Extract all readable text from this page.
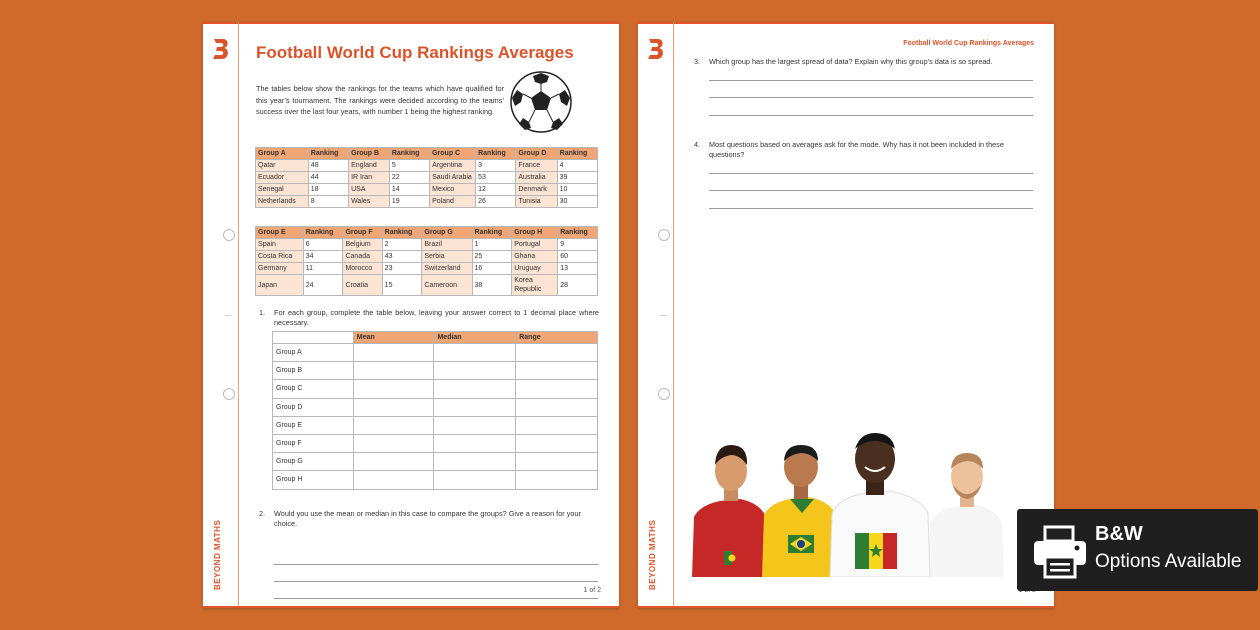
BEYOND MATHS
Football World Cup Rankings Averages
The tables below show the rankings for the teams which have qualified for this year’s tournament. The rankings were decided according to the teams’ success over the last four years, with number 1 being the highest ranking.
Group A	Ranking	Group B	Ranking	Group C	Ranking	Group D	Ranking
Qatar	48	England	5	Argentina	3	France	4
Ecuador	44	IR Iran	22	Saudi Arabia	53	Australia	39
Senegal	18	USA	14	Mexico	12	Denmark	10
Netherlands	8	Wales	19	Poland	26	Tunisia	30
Group E	Ranking	Group F	Ranking	Group G	Ranking	Group H	Ranking
Spain	6	Belgium	2	Brazil	1	Portugal	9
Costa Rica	34	Canada	43	Serbia	25	Ghana	60
Germany	11	Morocco	23	Switzerland	16	Uruguay	13
Japan	24	Croatia	15	Cameroon	38	Korea Republic	28
1. For each group, complete the table below, leaving your answer correct to 1 decimal place where necessary.
	Mean	Median	Range
Group A			
Group B			
Group C			
Group D			
Group E			
Group F			
Group G			
Group H			
2. Would you use the mean or median in this case to compare the groups? Give a reason for your choice.
1 of 2
BEYOND MATHS
Football World Cup Rankings Averages
3. Which group has the largest spread of data? Explain why this group’s data is so spread.
4. Most questions based on averages ask for the mode. Why has it not been included in these questions?
B&W
Options Available
